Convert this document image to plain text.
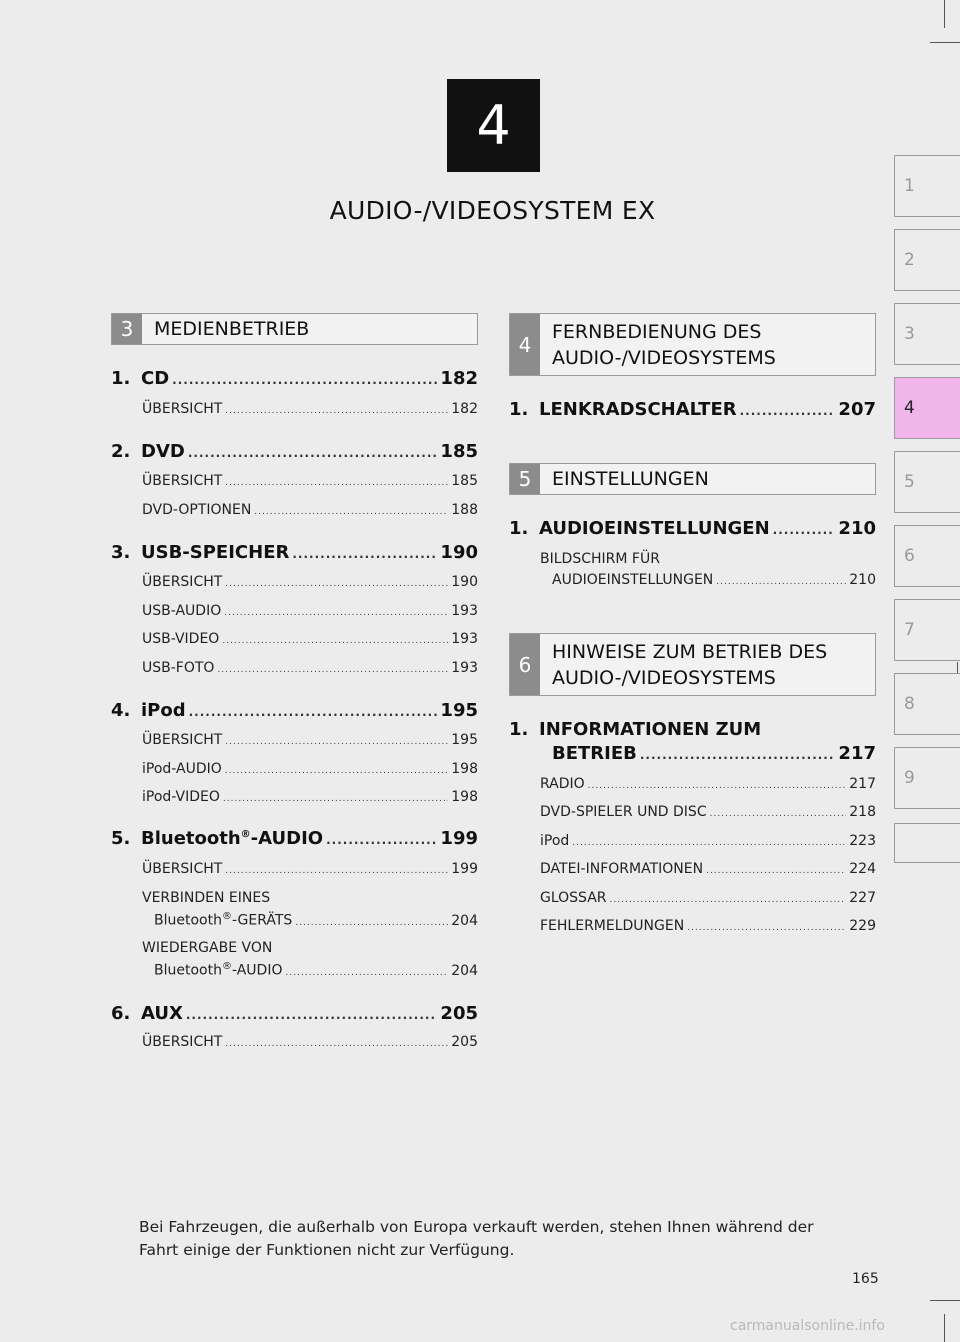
4
AUDIO-/VIDEOSYSTEM EX
1
2
3
4
5
6
7
8
9
3	MEDIENBETRIEB
1. CD .....	182
ÜBERSICHT .....	182
2. DVD .....	185
ÜBERSICHT .....	185
DVD-OPTIONEN .....	188
3. USB-SPEICHER .....	190
ÜBERSICHT .....	190
USB-AUDIO .....	193
USB-VIDEO .....	193
USB-FOTO .....	193
4. iPod .....	195
ÜBERSICHT .....	195
iPod-AUDIO .....	198
iPod-VIDEO .....	198
5. Bluetooth®-AUDIO .....	199
ÜBERSICHT .....	199
VERBINDEN EINES
Bluetooth®-GERÄTS .....	204
WIEDERGABE VON
Bluetooth®-AUDIO .....	204
6. AUX .....	205
ÜBERSICHT .....	205
4
FERNBEDIENUNG DES
AUDIO-/VIDEOSYSTEMS
1. LENKRADSCHALTER .....	207
5	EINSTELLUNGEN
1. AUDIOEINSTELLUNGEN .....	210
BILDSCHIRM FÜR
AUDIOEINSTELLUNGEN .....	210
6
HINWEISE ZUM BETRIEB DES
AUDIO-/VIDEOSYSTEMS
1. INFORMATIONEN ZUM
BETRIEB .....	217
RADIO .....	217
DVD-SPIELER UND DISC .....	218
iPod .....	223
DATEI-INFORMATIONEN .....	224
GLOSSAR .....	227
FEHLERMELDUNGEN .....	229
Bei Fahrzeugen, die außerhalb von Europa verkauft werden, stehen Ihnen während der
Fahrt einige der Funktionen nicht zur Verfügung.
165
carmanualsonline.info
